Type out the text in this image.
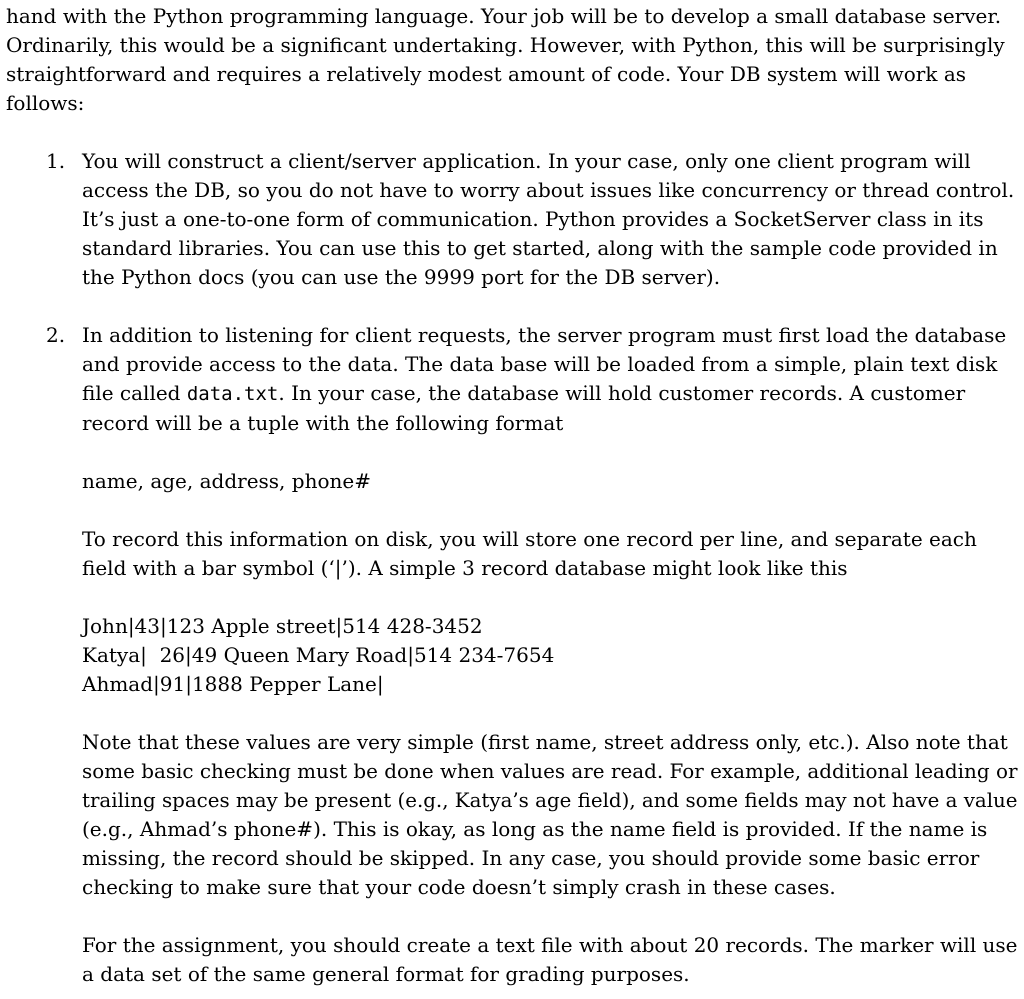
hand with the Python programming language. Your job will be to develop a small database server.
Ordinarily, this would be a significant undertaking. However, with Python, this will be surprisingly
straightforward and requires a relatively modest amount of code. Your DB system will work as
follows:
1. You will construct a client/server application. In your case, only one client program will
access the DB, so you do not have to worry about issues like concurrency or thread control.
It’s just a one-to-one form of communication. Python provides a SocketServer class in its
standard libraries. You can use this to get started, along with the sample code provided in
the Python docs (you can use the 9999 port for the DB server).
2. In addition to listening for client requests, the server program must first load the database
and provide access to the data. The data base will be loaded from a simple, plain text disk
file called data.txt. In your case, the database will hold customer records. A customer
record will be a tuple with the following format
name, age, address, phone#
To record this information on disk, you will store one record per line, and separate each
field with a bar symbol (‘|’). A simple 3 record database might look like this
John|43|123 Apple street|514 428-3452
Katya|  26|49 Queen Mary Road|514 234-7654
Ahmad|91|1888 Pepper Lane|
Note that these values are very simple (first name, street address only, etc.). Also note that
some basic checking must be done when values are read. For example, additional leading or
trailing spaces may be present (e.g., Katya’s age field), and some fields may not have a value
(e.g., Ahmad’s phone#). This is okay, as long as the name field is provided. If the name is
missing, the record should be skipped. In any case, you should provide some basic error
checking to make sure that your code doesn’t simply crash in these cases.
For the assignment, you should create a text file with about 20 records. The marker will use
a data set of the same general format for grading purposes.
